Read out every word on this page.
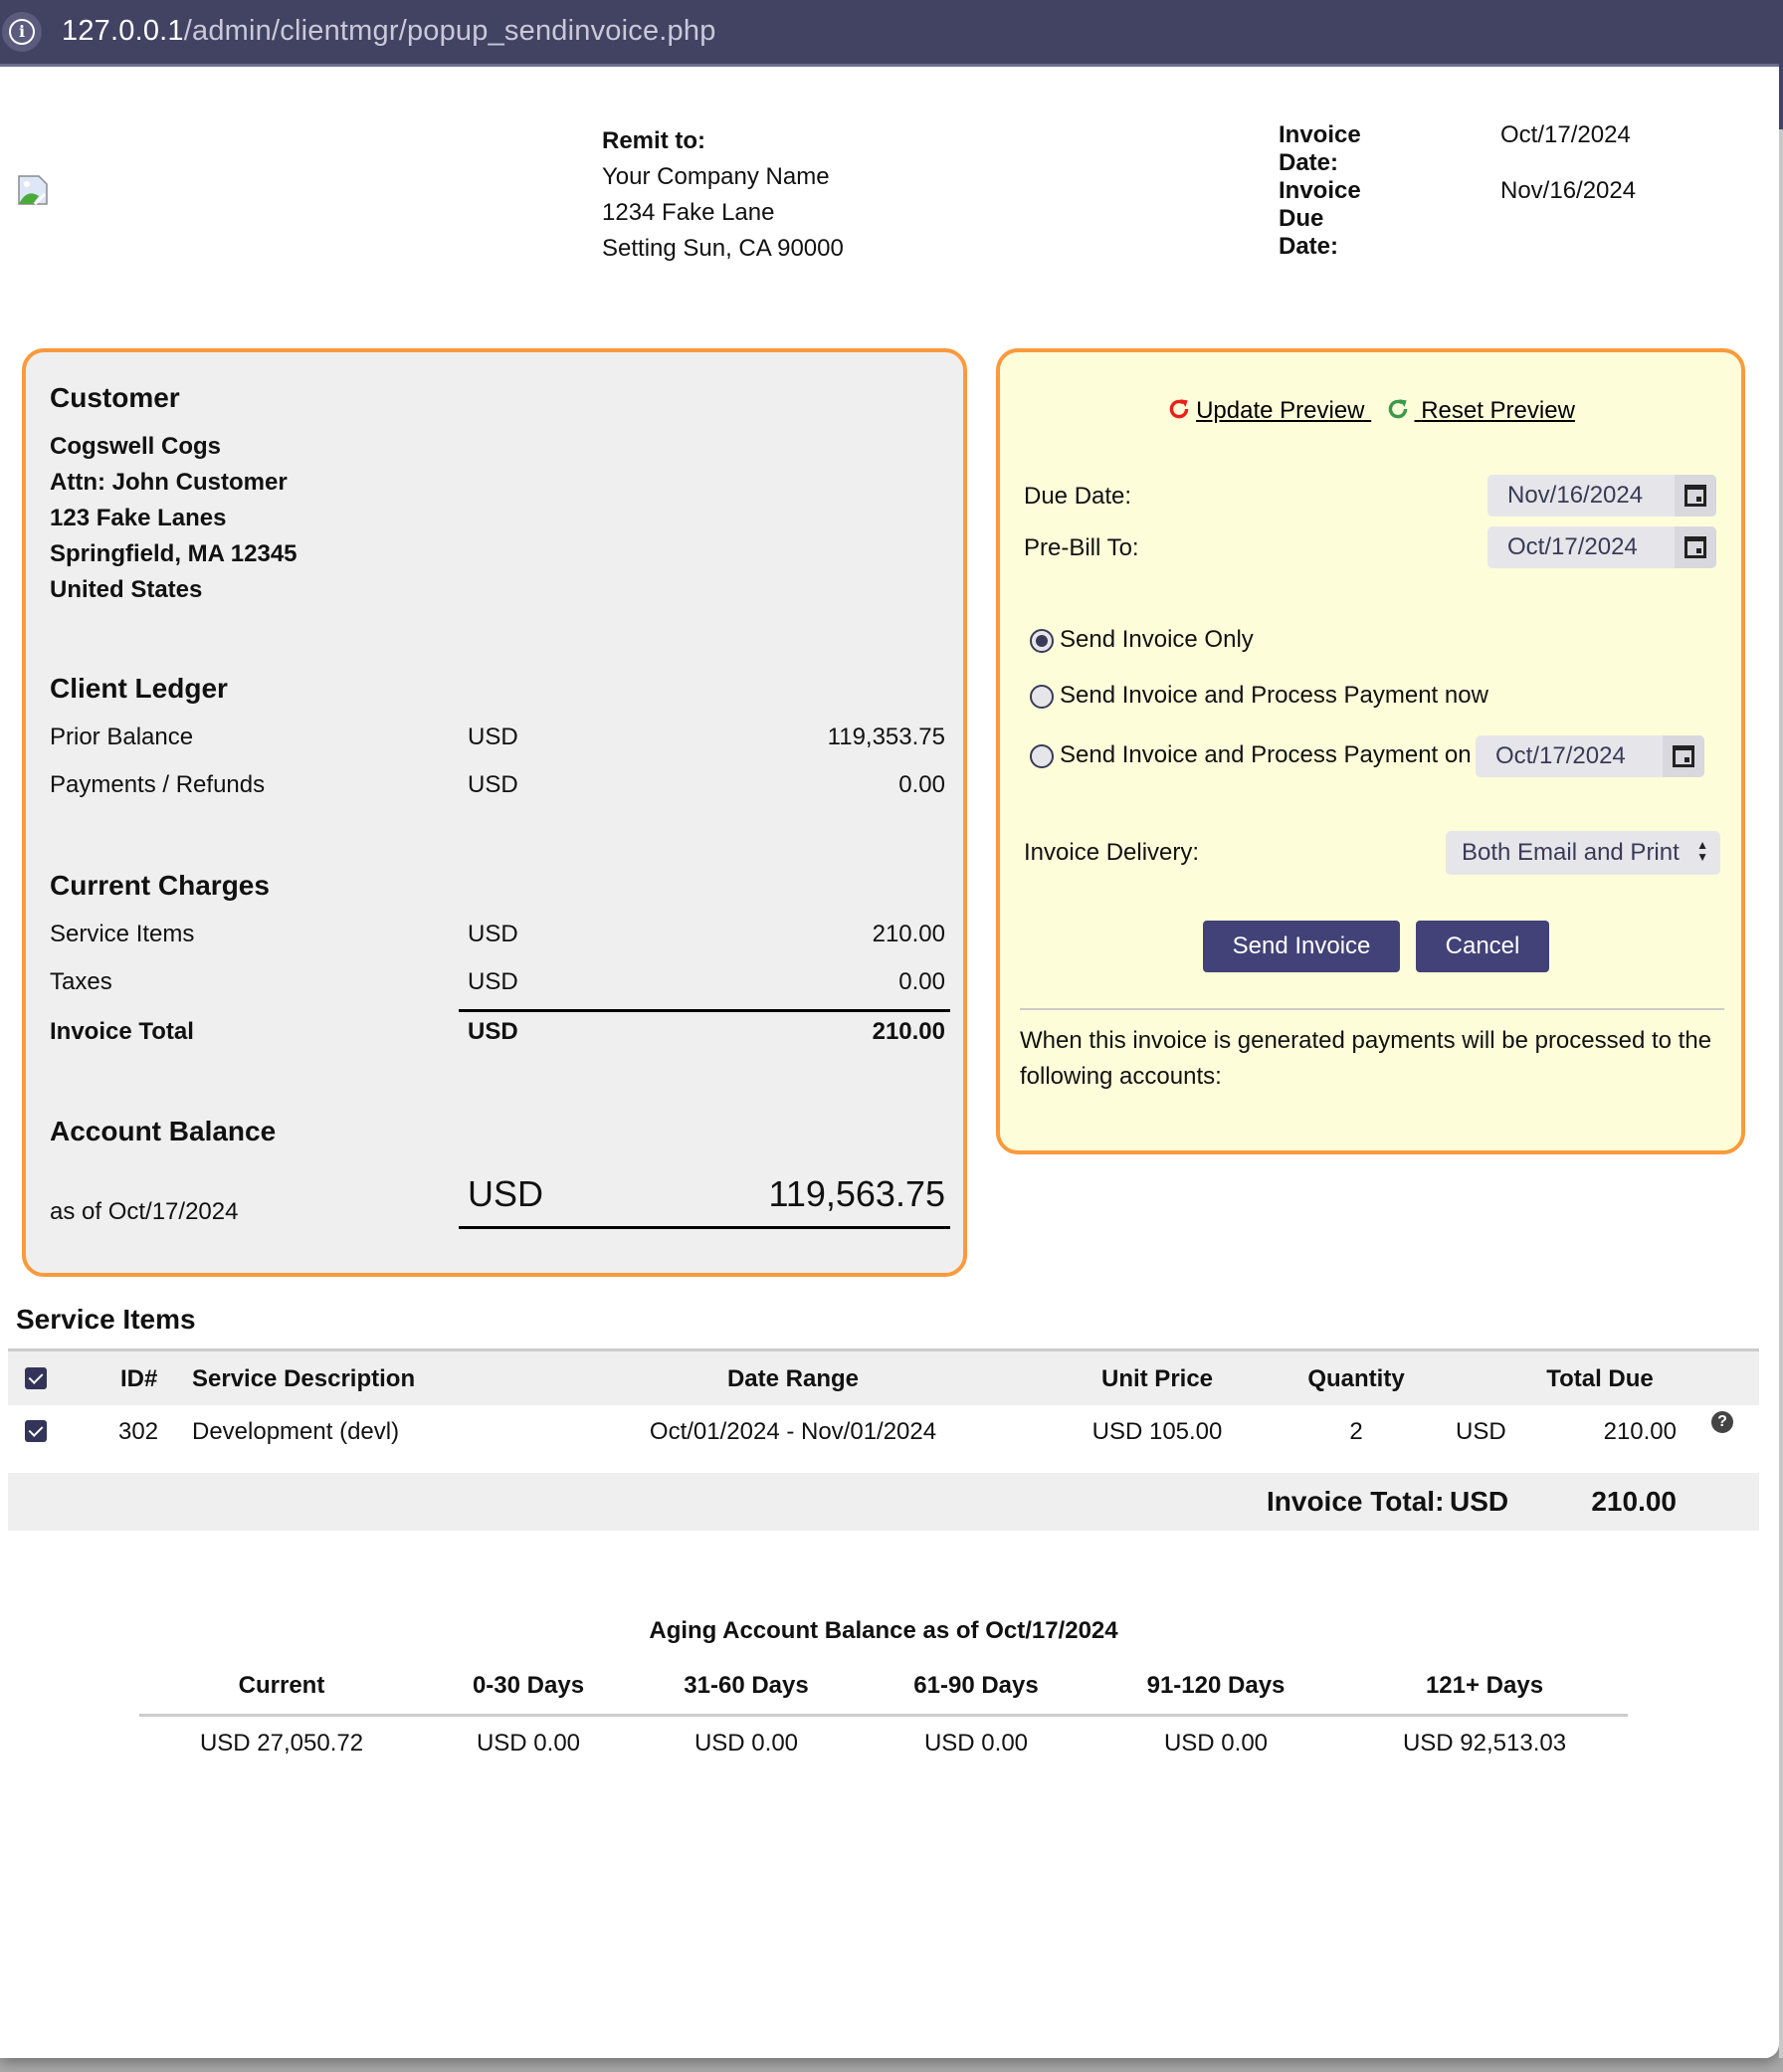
i	127.0.0.1/admin/clientmgr/popup_sendinvoice.php
Remit to:
Your Company Name
1234 Fake Lane
Setting Sun, CA 90000
Invoice Date:
Oct/17/2024
Invoice Due Date:
Nov/16/2024
Customer
Cogswell Cogs
Attn: John Customer
123 Fake Lanes
Springfield, MA 12345
United States
Client Ledger
Prior Balance	USD	119,353.75
Payments / Refunds	USD	0.00
Current Charges
Service Items	USD	210.00
Taxes	USD	0.00
Invoice Total	USD	210.00
Account Balance
as of Oct/17/2024	USD	119,563.75
Update Preview Reset Preview
Due Date:	Nov/16/2024
Pre-Bill To:	Oct/17/2024
Send Invoice Only
Send Invoice and Process Payment now
Send Invoice and Process Payment on Oct/17/2024
Invoice Delivery:	Both Email and Print ▲
▼
Send Invoice	Cancel
When this invoice is generated payments will be processed to the following accounts:
Service Items
ID# Service Description	Date Range	Unit Price	Quantity	Total Due
302 Development (devl)	Oct/01/2024 - Nov/01/2024	USD 105.00	2	USD	210.00	?
Invoice Total: USD	210.00
Aging Account Balance as of Oct/17/2024
Current	0-30 Days	31-60 Days	61-90 Days	91-120 Days	121+ Days
USD 27,050.72	USD 0.00	USD 0.00	USD 0.00	USD 0.00	USD 92,513.03
